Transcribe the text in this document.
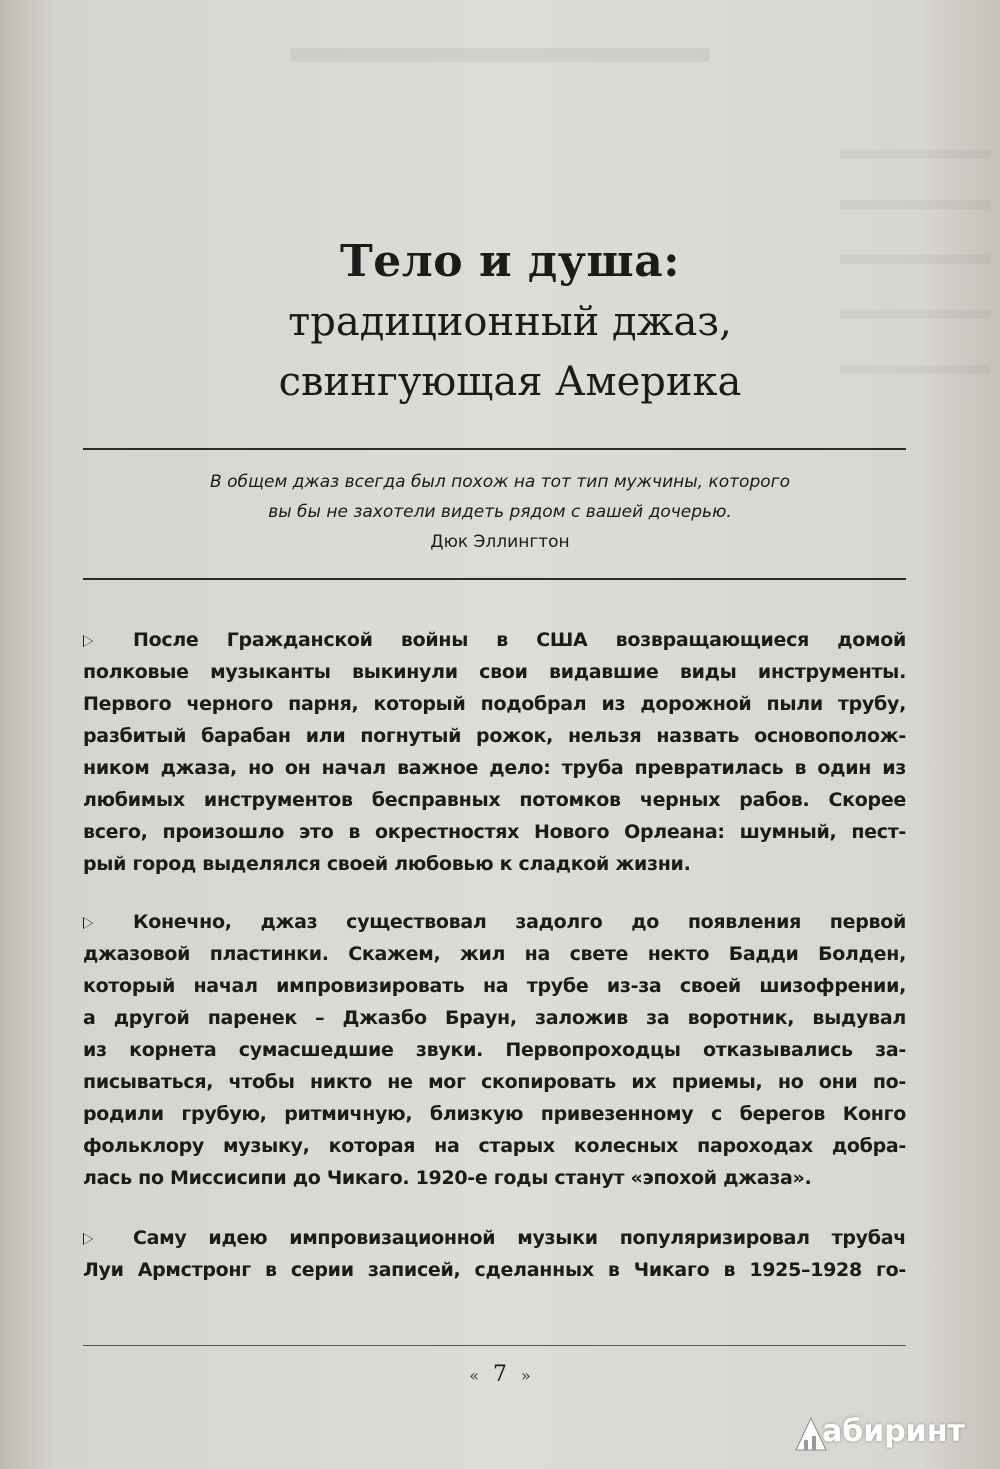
Тело и душа:
традиционный джаз,
свингующая Америка
В общем джаз всегда был похож на тот тип мужчины, которого
вы бы не захотели видеть рядом с вашей дочерью.
Дюк Эллингтон
После Гражданской войны в США возвращающиеся домой
полковые музыканты выкинули свои видавшие виды инструменты.
Первого черного парня, который подобрал из дорожной пыли трубу,
разбитый барабан или погнутый рожок, нельзя назвать основополож-
ником джаза, но он начал важное дело: труба превратилась в один из
любимых инструментов бесправных потомков черных рабов. Скорее
всего, произошло это в окрестностях Нового Орлеана: шумный, пест-
рый город выделялся своей любовью к сладкой жизни.
Конечно, джаз существовал задолго до появления первой
джазовой пластинки. Скажем, жил на свете некто Бадди Болден,
который начал импровизировать на трубе из-за своей шизофрении,
а другой паренек – Джазбо Браун, заложив за воротник, выдувал
из корнета сумасшедшие звуки. Первопроходцы отказывались за-
писываться, чтобы никто не мог скопировать их приемы, но они по-
родили грубую, ритмичную, близкую привезенному с берегов Конго
фольклору музыку, которая на старых колесных пароходах добра-
лась по Миссисипи до Чикаго. 1920-е годы станут «эпохой джаза».
Саму идею импровизационной музыки популяризировал трубач
Луи Армстронг в серии записей, сделанных в Чикаго в 1925–1928 го-
« 7 »
абиринт
